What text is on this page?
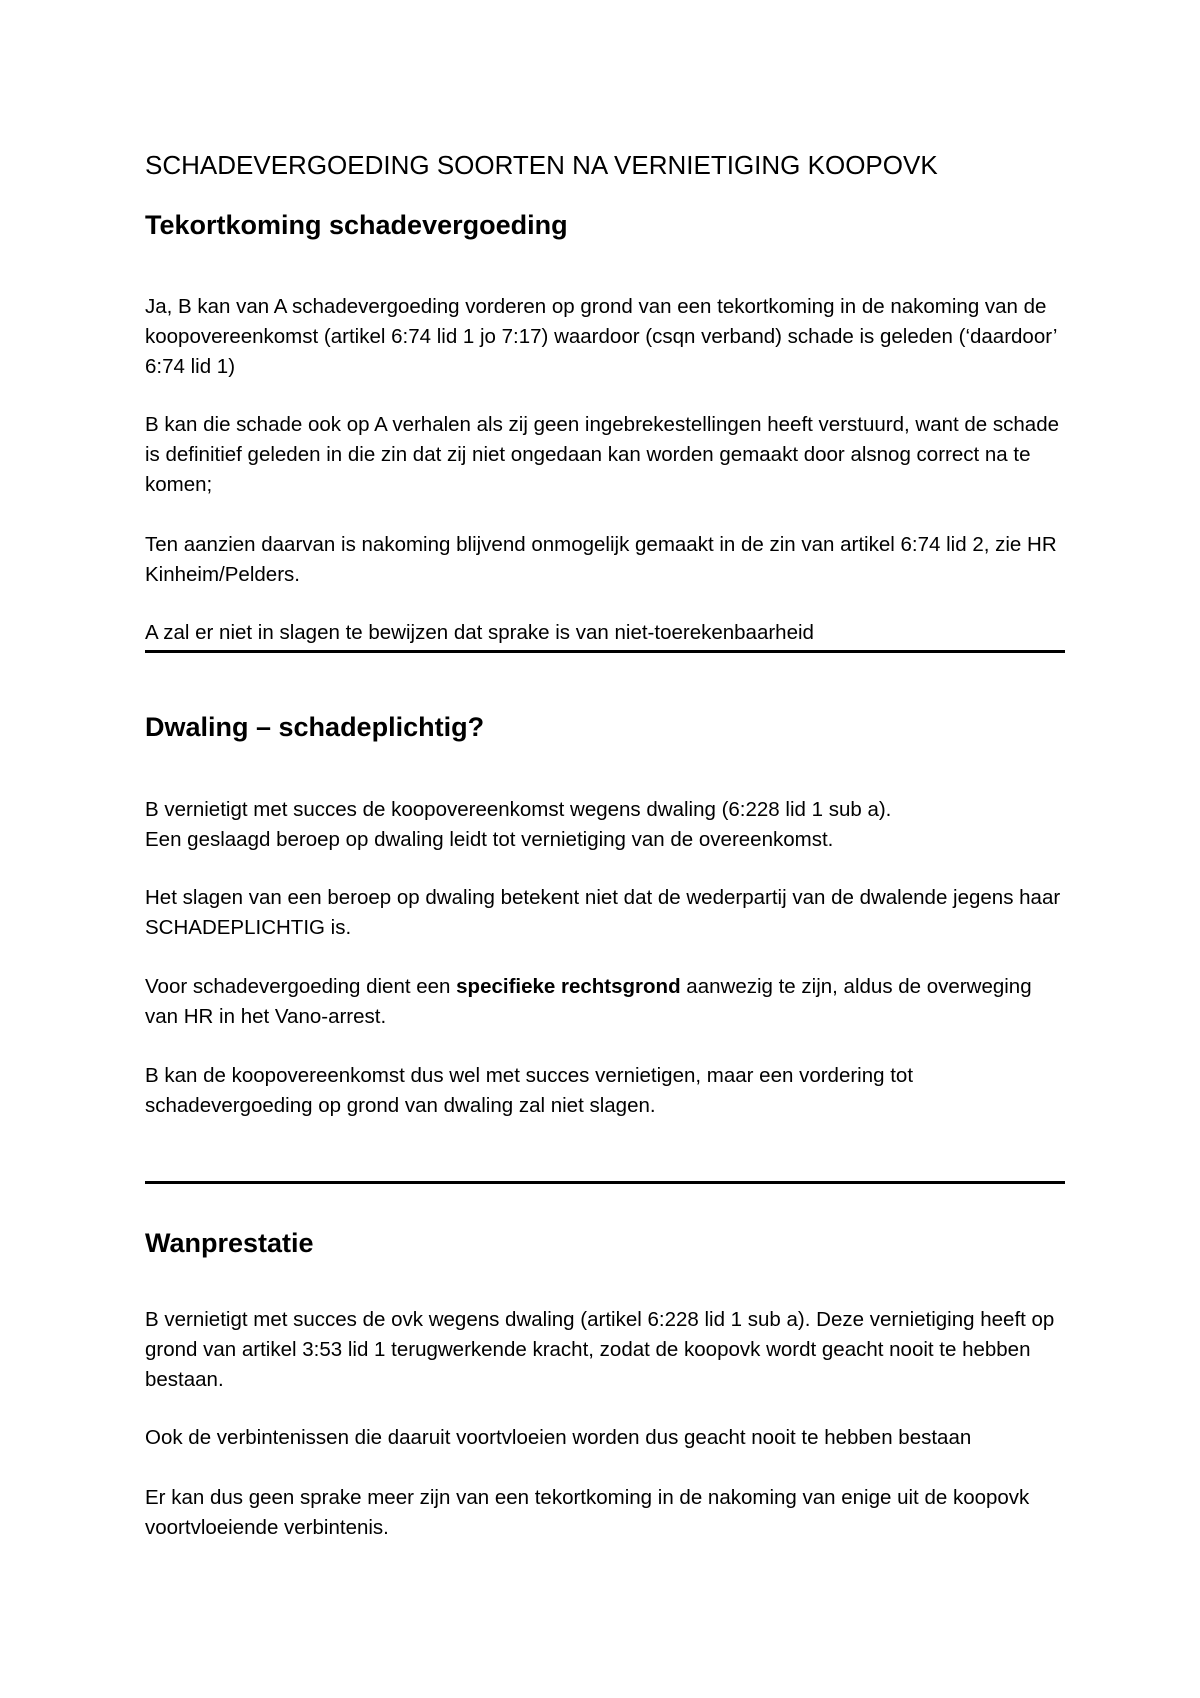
SCHADEVERGOEDING SOORTEN NA VERNIETIGING KOOPOVK
Tekortkoming schadevergoeding

Ja, B kan van A schadevergoeding vorderen op grond van een tekortkoming in de nakoming van de koopovereenkomst (artikel 6:74 lid 1 jo 7:17) waardoor (csqn verband) schade is geleden (‘daardoor’ 6:74 lid 1)

B kan die schade ook op A verhalen als zij geen ingebrekestellingen heeft verstuurd, want de schade is definitief geleden in die zin dat zij niet ongedaan kan worden gemaakt door alsnog correct na te komen;

Ten aanzien daarvan is nakoming blijvend onmogelijk gemaakt in de zin van artikel 6:74 lid 2, zie HR Kinheim/Pelders.

A zal er niet in slagen te bewijzen dat sprake is van niet-toerekenbaarheid

Dwaling – schadeplichtig?

B vernietigt met succes de koopovereenkomst wegens dwaling (6:228 lid 1 sub a).
Een geslaagd beroep op dwaling leidt tot vernietiging van de overeenkomst.

Het slagen van een beroep op dwaling betekent niet dat de wederpartij van de dwalende jegens haar SCHADEPLICHTIG is.

Voor schadevergoeding dient een specifieke rechtsgrond aanwezig te zijn, aldus de overweging van HR in het Vano-arrest.

B kan de koopovereenkomst dus wel met succes vernietigen, maar een vordering tot schadevergoeding op grond van dwaling zal niet slagen.

Wanprestatie

B vernietigt met succes de ovk wegens dwaling (artikel 6:228 lid 1 sub a). Deze vernietiging heeft op grond van artikel 3:53 lid 1 terugwerkende kracht, zodat de koopovk wordt geacht nooit te hebben bestaan.

Ook de verbintenissen die daaruit voortvloeien worden dus geacht nooit te hebben bestaan

Er kan dus geen sprake meer zijn van een tekortkoming in de nakoming van enige uit de koopovk voortvloeiende verbintenis.
